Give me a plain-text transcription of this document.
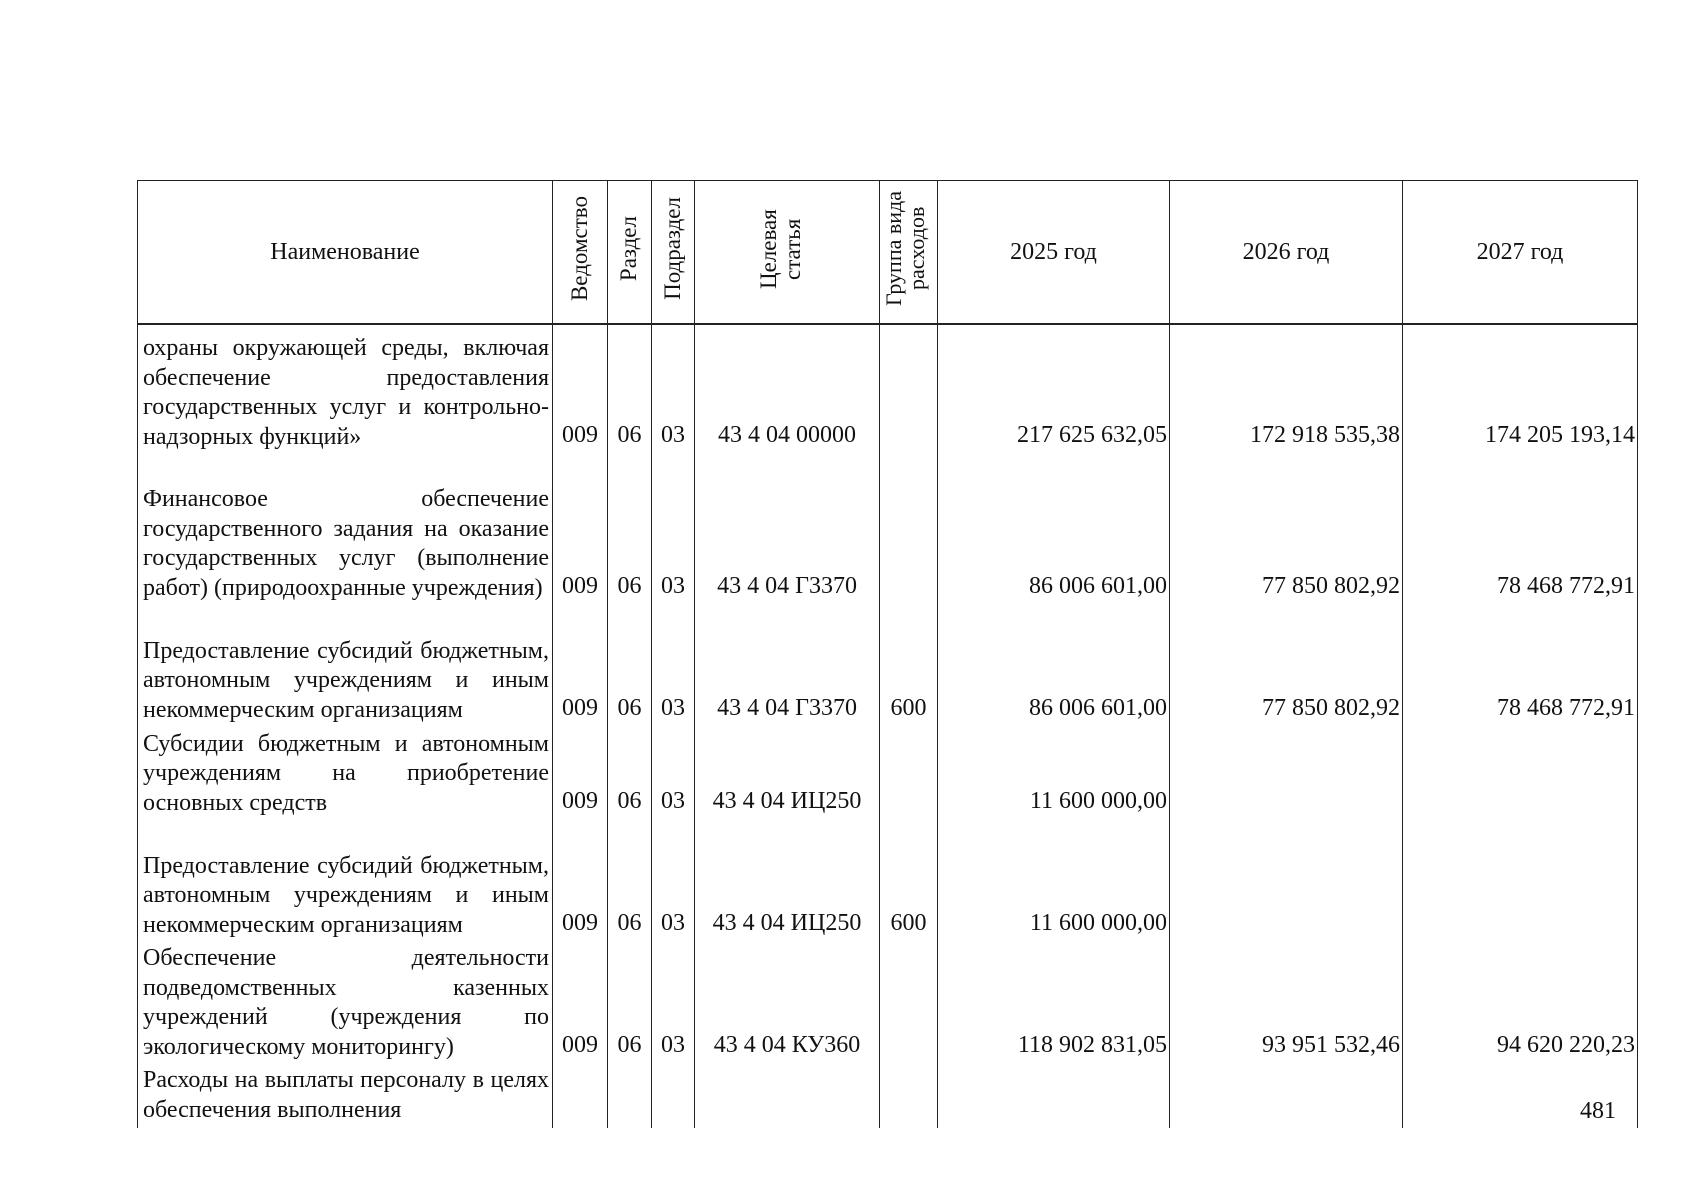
Наименование	Ведомство	Раздел	Подраздел	Целевая статья	Группа вида расходов	2025 год	2026 год	2027 год
охраны окружающей среды, включая обеспечение предоставления государственных услуг и контрольно-надзорных функций»	009	06	03	43 4 04 00000		217 625 632,05	172 918 535,38	174 205 193,14
Финансовое обеспечение государственного задания на оказание государственных услуг (выполнение работ) (природоохранные учреждения)	009	06	03	43 4 04 Г3370		86 006 601,00	77 850 802,92	78 468 772,91
Предоставление субсидий бюджетным, автономным учреждениям и иным некоммерческим организациям	009	06	03	43 4 04 Г3370	600	86 006 601,00	77 850 802,92	78 468 772,91
Субсидии бюджетным и автономным учреждениям на приобретение основных средств	009	06	03	43 4 04 ИЦ250		11 600 000,00		
Предоставление субсидий бюджетным, автономным учреждениям и иным некоммерческим организациям	009	06	03	43 4 04 ИЦ250	600	11 600 000,00		
Обеспечение деятельности подведомственных казенных учреждений (учреждения по экологическому мониторингу)	009	06	03	43 4 04 КУ360		118 902 831,05	93 951 532,46	94 620 220,23
Расходы на выплаты персоналу в целях обеспечения выполнения									481
